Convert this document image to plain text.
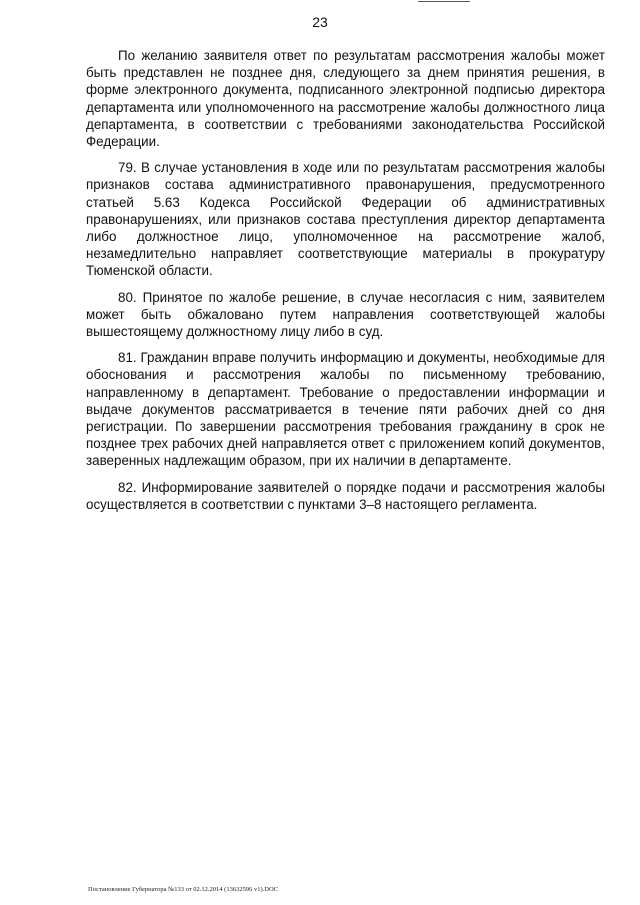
23

По желанию заявителя ответ по результатам рассмотрения жалобы может быть представлен не позднее дня, следующего за днем принятия решения, в форме электронного документа, подписанного электронной подписью директора департамента или уполномоченного на рассмотрение жалобы должностного лица департамента, в соответствии с требованиями законодательства Российской Федерации.

79. В случае установления в ходе или по результатам рассмотрения жалобы признаков состава административного правонарушения, предусмотренного статьей 5.63 Кодекса Российской Федерации об административных правонарушениях, или признаков состава преступления директор департамента либо должностное лицо, уполномоченное на рассмотрение жалоб, незамедлительно направляет соответствующие материалы в прокуратуру Тюменской области.

80. Принятое по жалобе решение, в случае несогласия с ним, заявителем может быть обжаловано путем направления соответствующей жалобы вышестоящему должностному лицу либо в суд.

81. Гражданин вправе получить информацию и документы, необходимые для обоснования и рассмотрения жалобы по письменному требованию, направленному в департамент. Требование о предоставлении информации и выдаче документов рассматривается в течение пяти рабочих дней со дня регистрации. По завершении рассмотрения требования гражданину в срок не позднее трех рабочих дней направляется ответ с приложением копий документов, заверенных надлежащим образом, при их наличии в департаменте.

82. Информирование заявителей о порядке подачи и рассмотрения жалобы осуществляется в соответствии с пунктами 3–8 настоящего регламента.

Постановление Губернатора №133 от 02.12.2014 (13632596 v1).DOC
